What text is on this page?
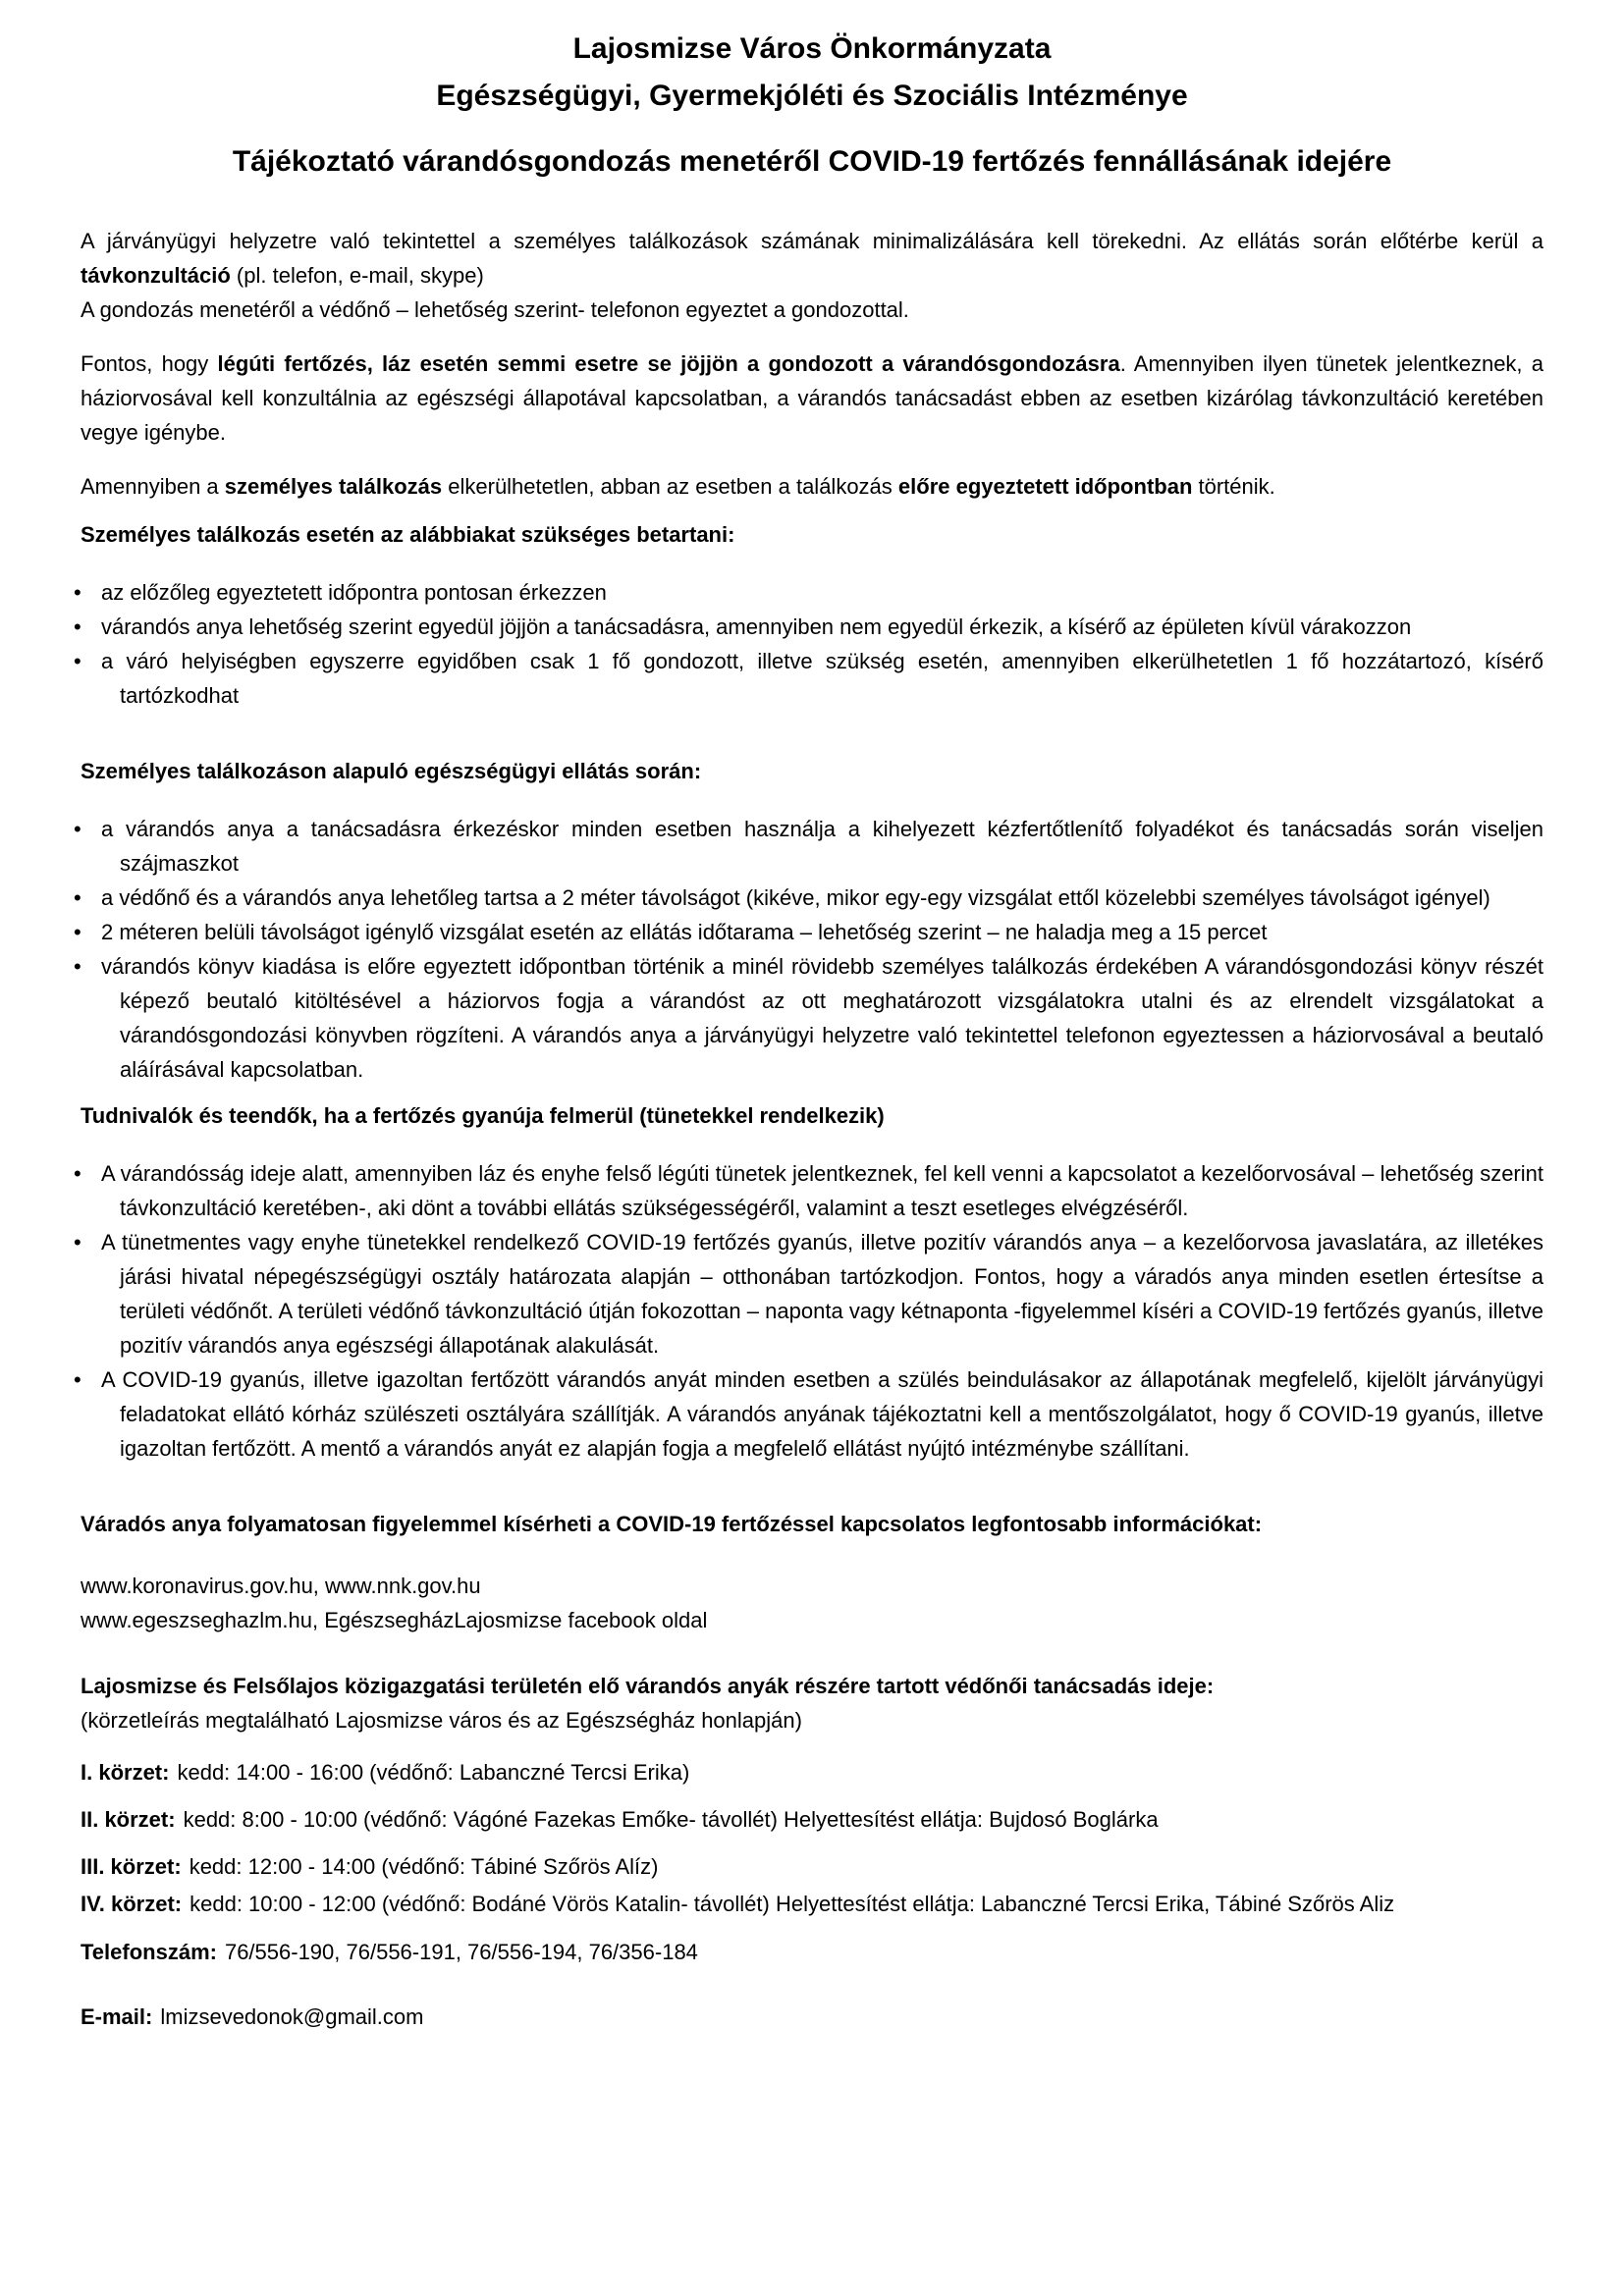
Lajosmizse Város Önkormányzata
Egészségügyi, Gyermekjóléti és Szociális Intézménye
Tájékoztató várandósgondozás menetéről COVID-19 fertőzés fennállásának idejére

A járványügyi helyzetre való tekintettel a személyes találkozások számának minimalizálására kell törekedni. Az ellátás során előtérbe kerül a távkonzultáció (pl. telefon, e-mail, skype)
A gondozás menetéről a védőnő – lehetőség szerint- telefonon egyeztet a gondozottal.

Fontos, hogy légúti fertőzés, láz esetén semmi esetre se jöjjön a gondozott a várandósgondozásra. Amennyiben ilyen tünetek jelentkeznek, a háziorvosával kell konzultálnia az egészségi állapotával kapcsolatban, a várandós tanácsadást ebben az esetben kizárólag távkonzultáció keretében vegye igénybe.

Amennyiben a személyes találkozás elkerülhetetlen, abban az esetben a találkozás előre egyeztetett időpontban történik.

Személyes találkozás esetén az alábbiakat szükséges betartani:
• az előzőleg egyeztetett időpontra pontosan érkezzen
• várandós anya lehetőség szerint egyedül jöjjön a tanácsadásra, amennyiben nem egyedül érkezik, a kísérő az épületen kívül várakozzon
• a váró helyiségben egyszerre egyidőben csak 1 fő gondozott, illetve szükség esetén, amennyiben elkerülhetetlen 1 fő hozzátartozó, kísérő tartózkodhat
Személyes találkozáson alapuló egészségügyi ellátás során:
• a várandós anya a tanácsadásra érkezéskor minden esetben használja a kihelyezett kézfertőtlenítő folyadékot és tanácsadás során viseljen szájmaszkot
• a védőnő és a várandós anya lehetőleg tartsa a 2 méter távolságot (kikéve, mikor egy-egy vizsgálat ettől közelebbi személyes távolságot igényel)
• 2 méteren belüli távolságot igénylő vizsgálat esetén az ellátás időtarama – lehetőség szerint – ne haladja meg a 15 percet
• várandós könyv kiadása is előre egyeztett időpontban történik a minél rövidebb személyes találkozás érdekében A várandósgondozási könyv részét képező beutaló kitöltésével a háziorvos fogja a várandóst az ott meghatározott vizsgálatokra utalni és az elrendelt vizsgálatokat a várandósgondozási könyvben rögzíteni. A várandós anya a járványügyi helyzetre való tekintettel telefonon egyeztessen a háziorvosával a beutaló aláírásával kapcsolatban.
Tudnivalók és teendők, ha a fertőzés gyanúja felmerül (tünetekkel rendelkezik)
• A várandósság ideje alatt, amennyiben láz és enyhe felső légúti tünetek jelentkeznek, fel kell venni a kapcsolatot a kezelőorvosával – lehetőség szerint távkonzultáció keretében-, aki dönt a további ellátás szükségességéről, valamint a teszt esetleges elvégzéséről.
• A tünetmentes vagy enyhe tünetekkel rendelkező COVID-19 fertőzés gyanús, illetve pozitív várandós anya – a kezelőorvosa javaslatára, az illetékes járási hivatal népegészségügyi osztály határozata alapján – otthonában tartózkodjon. Fontos, hogy a váradós anya minden esetlen értesítse a területi védőnőt. A területi védőnő távkonzultáció útján fokozottan – naponta vagy kétnaponta -figyelemmel kíséri a COVID-19 fertőzés gyanús, illetve pozitív várandós anya egészségi állapotának alakulását.
• A COVID-19 gyanús, illetve igazoltan fertőzött várandós anyát minden esetben a szülés beindulásakor az állapotának megfelelő, kijelölt járványügyi feladatokat ellátó kórház szülészeti osztályára szállítják. A várandós anyának tájékoztatni kell a mentőszolgálatot, hogy ő COVID-19 gyanús, illetve igazoltan fertőzött. A mentő a várandós anyát ez alapján fogja a megfelelő ellátást nyújtó intézménybe szállítani.
Váradós anya folyamatosan figyelemmel kísérheti a COVID-19 fertőzéssel kapcsolatos legfontosabb információkat:

www.koronavirus.gov.hu, www.nnk.gov.hu
www.egeszseghazlm.hu, EgészsegházLajosmizse facebook oldal

Lajosmizse és Felsőlajos közigazgatási területén elő várandós anyák részére tartott védőnői tanácsadás ideje:
(körzetleírás megtalálható Lajosmizse város és az Egészségház honlapján)

I. körzet: kedd: 14:00 - 16:00 (védőnő: Labanczné Tercsi Erika)

II. körzet: kedd: 8:00 - 10:00 (védőnő: Vágóné Fazekas Emőke- távollét) Helyettesítést ellátja: Bujdosó Boglárka

III. körzet: kedd: 12:00 - 14:00 (védőnő: Tábiné Szőrös Alíz)

IV. körzet: kedd: 10:00 - 12:00 (védőnő: Bodáné Vörös Katalin- távollét) Helyettesítést ellátja: Labanczné Tercsi Erika, Tábiné Szőrös Aliz

Telefonszám: 76/556-190, 76/556-191, 76/556-194, 76/356-184

E-mail: lmizsevedonok@gmail.com
